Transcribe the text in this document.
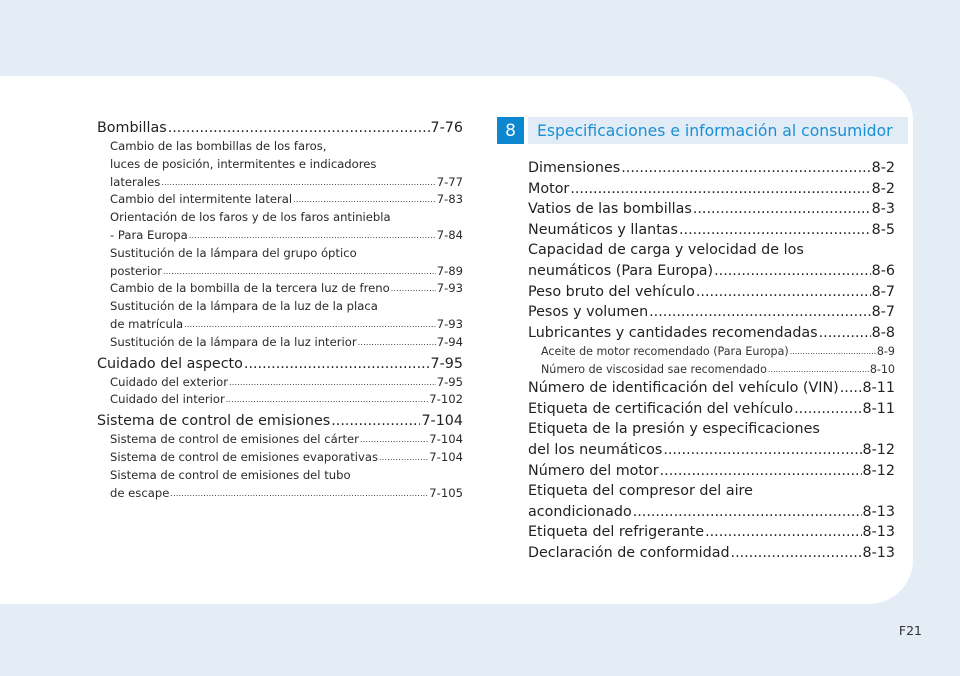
Bombillas .....	7-76
Cambio de las bombillas de los faros,
luces de posición, intermitentes e indicadores
laterales .....	7-77
Cambio del intermitente lateral .....	7-83
Orientación de los faros y de los faros antiniebla
- Para Europa .....	7-84
Sustitución de la lámpara del grupo óptico
posterior .....	7-89
Cambio de la bombilla de la tercera luz de freno .....	7-93
Sustitución de la lámpara de la luz de la placa
de matrícula .....	7-93
Sustitución de la lámpara de la luz interior .....	7-94
Cuidado del aspecto .....	7-95
Cuidado del exterior .....	7-95
Cuidado del interior .....	7-102
Sistema de control de emisiones .....	7-104
Sistema de control de emisiones del cárter .....	7-104
Sistema de control de emisiones evaporativas .....	7-104
Sistema de control de emisiones del tubo
de escape .....	7-105
8	Especificaciones e información al consumidor
Dimensiones .....	8-2
Motor .....	8-2
Vatios de las bombillas .....	8-3
Neumáticos y llantas .....	8-5
Capacidad de carga y velocidad de los
neumáticos (Para Europa) .....	8-6
Peso bruto del vehículo .....	8-7
Pesos y volumen .....	8-7
Lubricantes y cantidades recomendadas .....	8-8
Aceite de motor recomendado (Para Europa) .....	8-9
Número de viscosidad sae recomendado .....	8-10
Número de identificación del vehículo (VIN) ..... 8-11
Etiqueta de certificación del vehículo .....	8-11
Etiqueta de la presión y especificaciones
del los neumáticos .....	8-12
Número del motor .....	8-12
Etiqueta del compresor del aire
acondicionado .....	8-13
Etiqueta del refrigerante .....	8-13
Declaración de conformidad .....	8-13
F21
